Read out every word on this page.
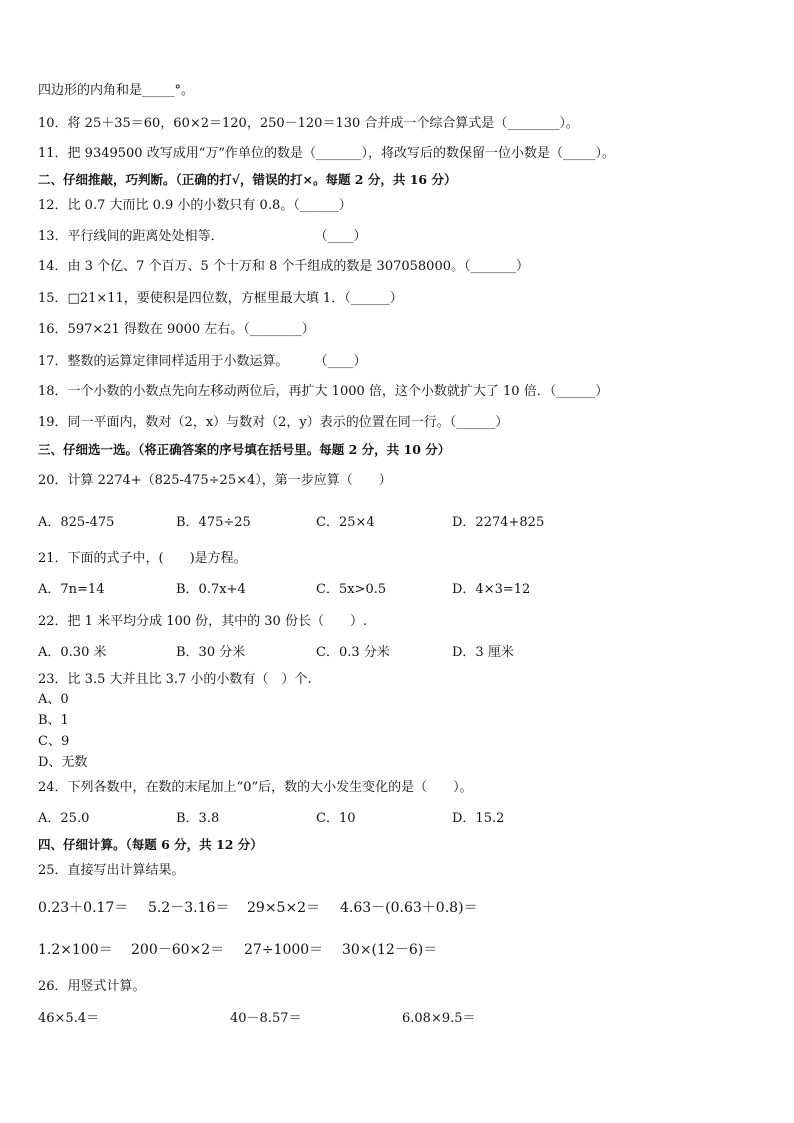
四边形的内角和是_____°。
10．将 25＋35＝60，60×2＝120，250－120＝130 合并成一个综合算式是（________）。
11．把 9349500 改写成用“万”作单位的数是（_______），将改写后的数保留一位小数是（_____）。
二、仔细推敲，巧判断。（正确的打√，错误的打×。每题 2 分，共 16 分）
12．比 0.7 大而比 0.9 小的小数只有 0.8。（______）
13．平行线间的距离处处相等．　　　　　　　　（____）
14．由 3 个亿、7 个百万、5 个十万和 8 个千组成的数是 307058000。（_______）
15．□21×11，要使积是四位数，方框里最大填 1．（______）
16．597×21 得数在 9000 左右。（________）
17．整数的运算定律同样适用于小数运算。　　　（____）
18．一个小数的小数点先向左移动两位后，再扩大 1000 倍，这个小数就扩大了 10 倍．（______）
19．同一平面内，数对（2，x）与数对（2，y）表示的位置在同一行。（______）
三、仔细选一选。（将正确答案的序号填在括号里。每题 2 分，共 10 分）
20．计算 2274+（825-475÷25×4），第一步应算（　　）
A．825-475	B．475÷25	C．25×4	D．2274+825
21．下面的式子中，(　　)是方程。
A．7n=14	B．0.7x+4	C．5x>0.5	D．4×3=12
22．把 1 米平均分成 100 份，其中的 30 份长（　　）.
A．0.30 米	B．30 分米	C．0.3 分米	D．3 厘米
23．比 3.5 大并且比 3.7 小的小数有（　）个.
A、0
B、1
C、9
D、无数
24．下列各数中，在数的末尾加上“0”后，数的大小发生变化的是（　　）。
A．25.0	B．3.8	C．10	D．15.2
四、仔细计算。（每题 6 分，共 12 分）
25．直接写出计算结果。
0.23＋0.17＝ 5.2－3.16＝ 29×5×2＝ 4.63－(0.63＋0.8)＝
1.2×100＝ 200－60×2＝ 27÷1000＝ 30×(12－6)＝
26．用竖式计算。
46×5.4＝	40－8.57＝	6.08×9.5＝
